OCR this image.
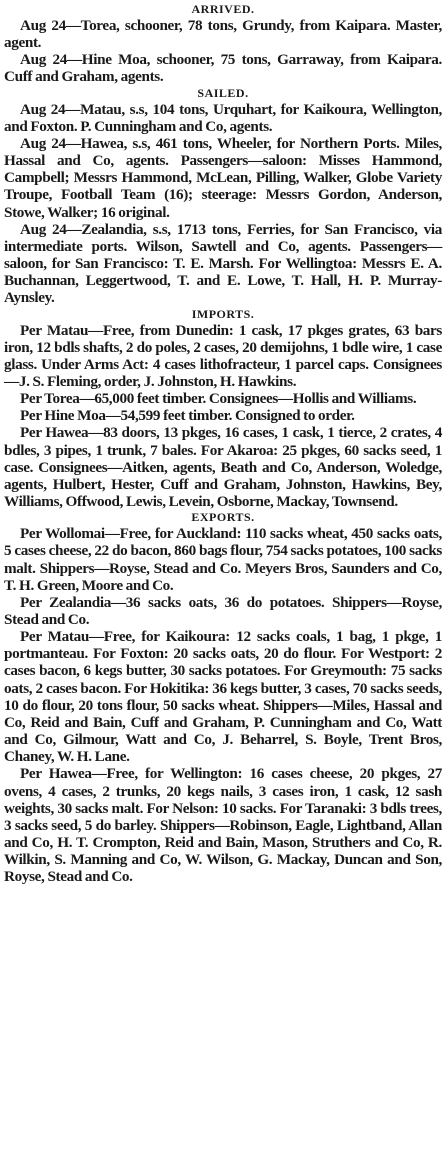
ARRIVED.

Aug 24—Torea, schooner, 78 tons, Grundy, from Kaipara. Master, agent.

Aug 24—Hine Moa, schooner, 75 tons, Garraway, from Kaipara. Cuff and Graham, agents.

SAILED.

Aug 24—Matau, s.s, 104 tons, Urquhart, for Kaikoura, Wellington, and Foxton. P. Cunningham and Co, agents.

Aug 24—Hawea, s.s, 461 tons, Wheeler, for Northern Ports. Miles, Hassal and Co, agents. Passengers—saloon: Misses Hammond, Campbell; Messrs Hammond, McLean, Pilling, Walker, Globe Variety Troupe, Football Team (16); steerage: Messrs Gordon, Anderson, Stowe, Walker; 16 original.

Aug 24—Zealandia, s.s, 1713 tons, Ferries, for San Francisco, via intermediate ports. Wilson, Sawtell and Co, agents. Passengers—saloon, for San Francisco: T. E. Marsh. For Wellingtoa: Messrs E. A. Buchannan, Leggertwood, T. and E. Lowe, T. Hall, H. P. Murray-Aynsley.

IMPORTS.

Per Matau—Free, from Dunedin: 1 cask, 17 pkges grates, 63 bars iron, 12 bdls shafts, 2 do poles, 2 cases, 20 demijohns, 1 bdle wire, 1 case glass. Under Arms Act: 4 cases lithofracteur, 1 parcel caps. Consignees—J. S. Fleming, order, J. Johnston, H. Hawkins.

Per Torea—65,000 feet timber. Consignees—Hollis and Williams.

Per Hine Moa—54,599 feet timber. Consigned to order.

Per Hawea—83 doors, 13 pkges, 16 cases, 1 cask, 1 tierce, 2 crates, 4 bdles, 3 pipes, 1 trunk, 7 bales. For Akaroa: 25 pkges, 60 sacks seed, 1 case. Consignees—Aitken, agents, Beath and Co, Anderson, Woledge, agents, Hulbert, Hester, Cuff and Graham, Johnston, Hawkins, Bey, Williams, Offwood, Lewis, Levein, Osborne, Mackay, Townsend.

EXPORTS.

Per Wollomai—Free, for Auckland: 110 sacks wheat, 450 sacks oats, 5 cases cheese, 22 do bacon, 860 bags flour, 754 sacks potatoes, 100 sacks malt. Shippers—Royse, Stead and Co. Meyers Bros, Saunders and Co, T. H. Green, Moore and Co.

Per Zealandia—36 sacks oats, 36 do potatoes. Shippers—Royse, Stead and Co.

Per Matau—Free, for Kaikoura: 12 sacks coals, 1 bag, 1 pkge, 1 portmanteau. For Foxton: 20 sacks oats, 20 do flour. For Westport: 2 cases bacon, 6 kegs butter, 30 sacks potatoes. For Greymouth: 75 sacks oats, 2 cases bacon. For Hokitika: 36 kegs butter, 3 cases, 70 sacks seeds, 10 do flour, 20 tons flour, 50 sacks wheat. Shippers—Miles, Hassal and Co, Reid and Bain, Cuff and Graham, P. Cunningham and Co, Watt and Co, Gilmour, Watt and Co, J. Beharrel, S. Boyle, Trent Bros, Chaney, W. H. Lane.

Per Hawea—Free, for Wellington: 16 cases cheese, 20 pkges, 27 ovens, 4 cases, 2 trunks, 20 kegs nails, 3 cases iron, 1 cask, 12 sash weights, 30 sacks malt. For Nelson: 10 sacks. For Taranaki: 3 bdls trees, 3 sacks seed, 5 do barley. Shippers—Robinson, Eagle, Lightband, Allan and Co, H. T. Crompton, Reid and Bain, Mason, Struthers and Co, R. Wilkin, S. Manning and Co, W. Wilson, G. Mackay, Duncan and Son, Royse, Stead and Co.
